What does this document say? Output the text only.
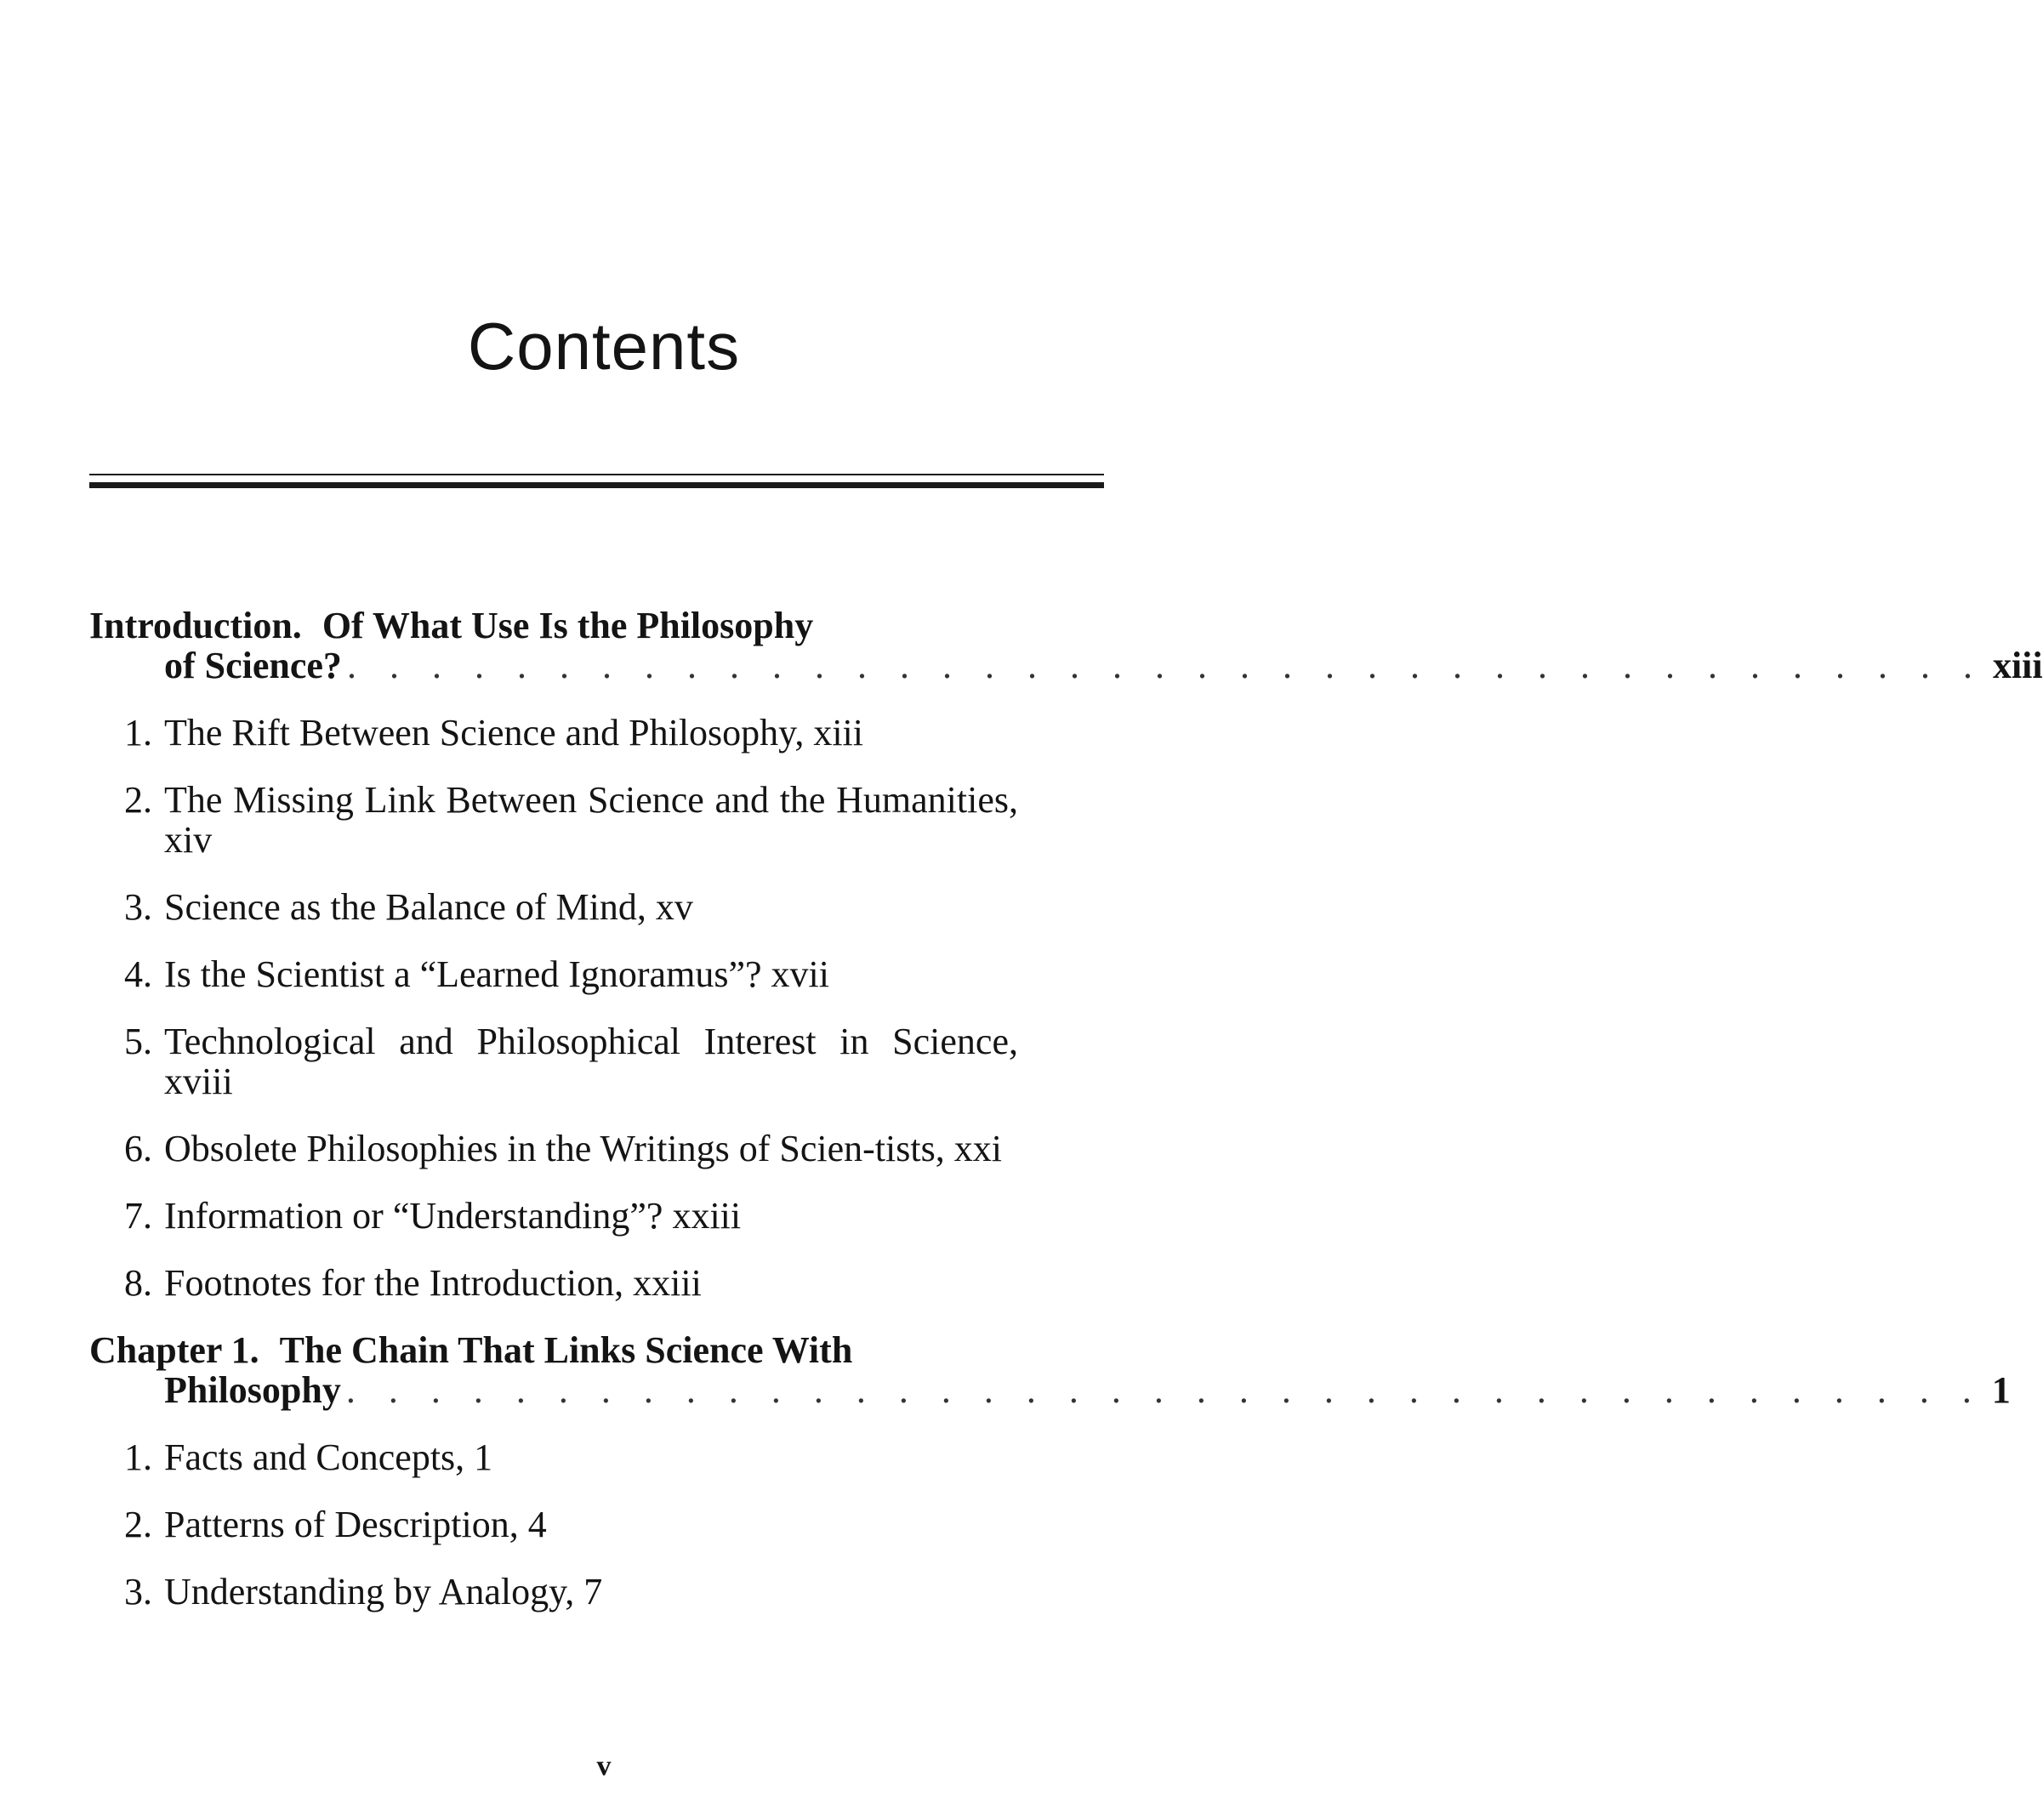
Contents
Introduction. Of What Use Is the Philosophy
of Science? . . . . . . . . . . . . . . . . . . . . . . . . . . . . . . . . . . . . . . . xiii
1. The Rift Between Science and Philosophy, xiii
2. The Missing Link Between Science and the Humanities, xiv
3. Science as the Balance of Mind, xv
4. Is the Scientist a “Learned Ignoramus”? xvii
5. Technological and Philosophical Interest in Science, xviii
6. Obsolete Philosophies in the Writings of Scien-tists, xxi
7. Information or “Understanding”? xxiii
8. Footnotes for the Introduction, xxiii
Chapter 1. The Chain That Links Science With
Philosophy . . . . . . . . . . . . . . . . . . . . . . . . . . . . . . . . . . . . . . . 1
1. Facts and Concepts, 1
2. Patterns of Description, 4
3. Understanding by Analogy, 7
v
